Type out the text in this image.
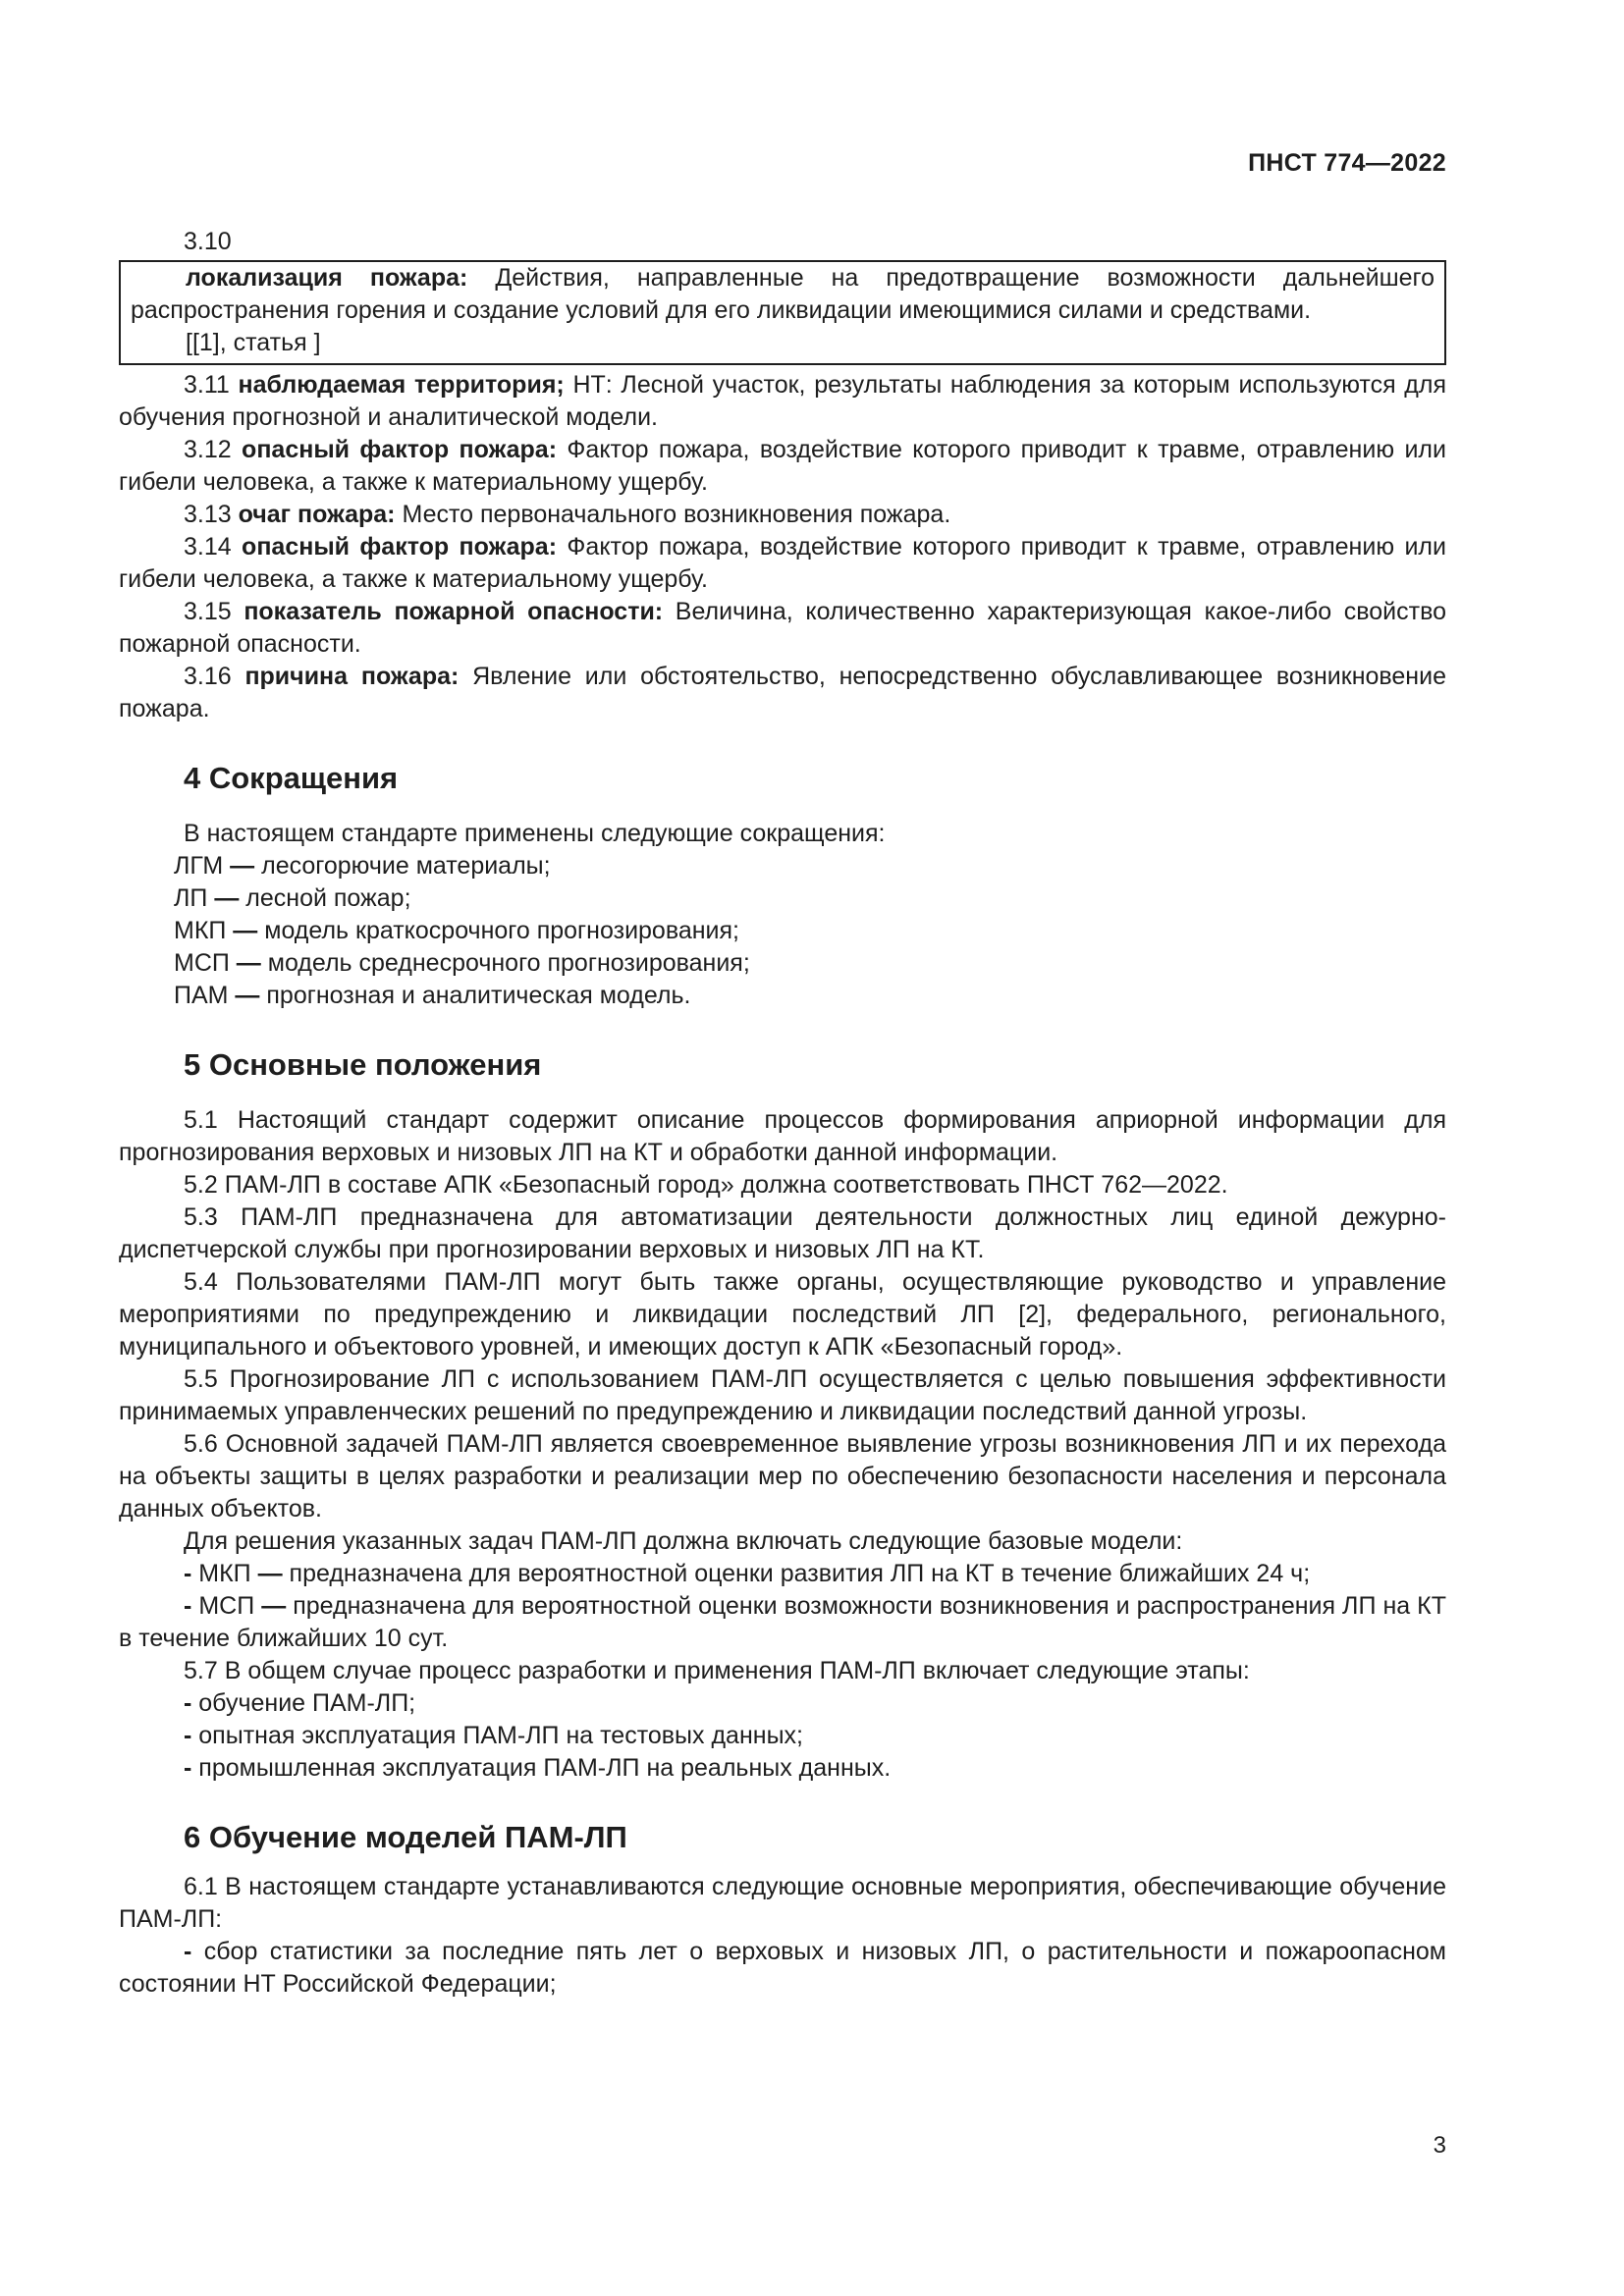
ПНСТ 774—2022
3.10

локализация пожара: Действия, направленные на предотвращение возможности дальнейшего распространения горения и создание условий для его ликвидации имеющимися силами и средствами.

[[1], статья ]

3.11 наблюдаемая территория; НТ: Лесной участок, результаты наблюдения за которым используются для обучения прогнозной и аналитической модели.

3.12 опасный фактор пожара: Фактор пожара, воздействие которого приводит к травме, отравлению или гибели человека, а также к материальному ущербу.

3.13 очаг пожара: Место первоначального возникновения пожара.

3.14 опасный фактор пожара: Фактор пожара, воздействие которого приводит к травме, отравлению или гибели человека, а также к материальному ущербу.

3.15 показатель пожарной опасности: Величина, количественно характеризующая какое-либо свойство пожарной опасности.

3.16 причина пожара: Явление или обстоятельство, непосредственно обуславливающее возникновение пожара.

4 Сокращения
В настоящем стандарте применены следующие сокращения:
ЛГМ — лесогорючие материалы;
ЛП — лесной пожар;
МКП — модель краткосрочного прогнозирования;
МСП — модель среднесрочного прогнозирования;
ПАМ — прогнозная и аналитическая модель.
5 Основные положения

5.1 Настоящий стандарт содержит описание процессов формирования априорной информации для прогнозирования верховых и низовых ЛП на КТ и обработки данной информации.

5.2 ПАМ-ЛП в составе АПК «Безопасный город» должна соответствовать ПНСТ 762—2022.

5.3 ПАМ-ЛП предназначена для автоматизации деятельности должностных лиц единой дежурно-диспетчерской службы при прогнозировании верховых и низовых ЛП на КТ.

5.4 Пользователями ПАМ-ЛП могут быть также органы, осуществляющие руководство и управление мероприятиями по предупреждению и ликвидации последствий ЛП [2], федерального, регионального, муниципального и объектового уровней, и имеющих доступ к АПК «Безопасный город».

5.5 Прогнозирование ЛП с использованием ПАМ-ЛП осуществляется с целью повышения эффективности принимаемых управленческих решений по предупреждению и ликвидации последствий данной угрозы.

5.6 Основной задачей ПАМ-ЛП является своевременное выявление угрозы возникновения ЛП и их перехода на объекты защиты в целях разработки и реализации мер по обеспечению безопасности населения и персонала данных объектов.

Для решения указанных задач ПАМ-ЛП должна включать следующие базовые модели:

- МКП — предназначена для вероятностной оценки развития ЛП на КТ в течение ближайших 24 ч;

- МСП — предназначена для вероятностной оценки возможности возникновения и распространения ЛП на КТ в течение ближайших 10 сут.

5.7 В общем случае процесс разработки и применения ПАМ-ЛП включает следующие этапы:

- обучение ПАМ-ЛП;

- опытная эксплуатация ПАМ-ЛП на тестовых данных;

- промышленная эксплуатация ПАМ-ЛП на реальных данных.

6 Обучение моделей ПАМ-ЛП

6.1 В настоящем стандарте устанавливаются следующие основные мероприятия, обеспечивающие обучение ПАМ-ЛП:

- сбор статистики за последние пять лет о верховых и низовых ЛП, о растительности и пожароопасном состоянии НТ Российской Федерации;

3
